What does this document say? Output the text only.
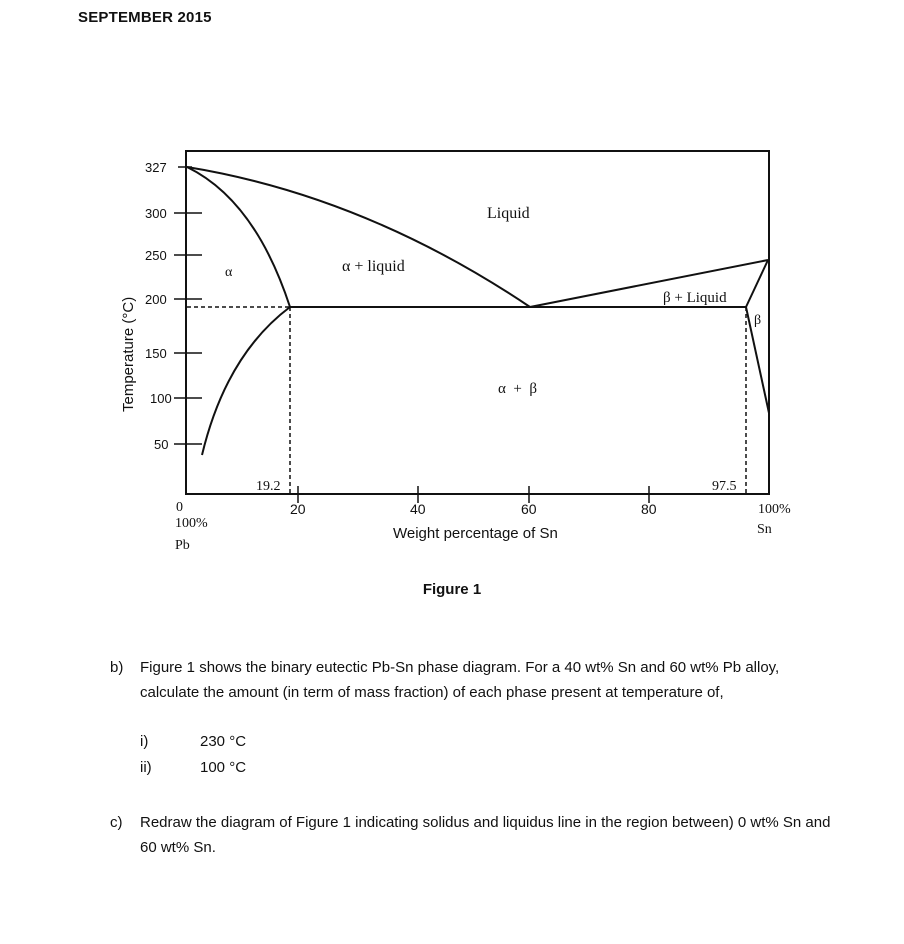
SEPTEMBER 2015
327
300
250
200
150
100
50
Temperature (°C)
20	40	60	80
0
100%
Pb
100%
Sn
Weight percentage of Sn
19.2	97.5
Liquid
α	α + liquid
β + Liquid
β
α  +  β
Figure 1
b) Figure 1 shows the binary eutectic Pb-Sn phase diagram. For a 40 wt% Sn and 60 wt% Pb alloy, calculate the amount (in term of mass fraction) of each phase present at temperature of,
i)	230 °C
ii)	100 °C
c) Redraw the diagram of Figure 1 indicating solidus and liquidus line in the region between) 0 wt% Sn and 60 wt% Sn.
